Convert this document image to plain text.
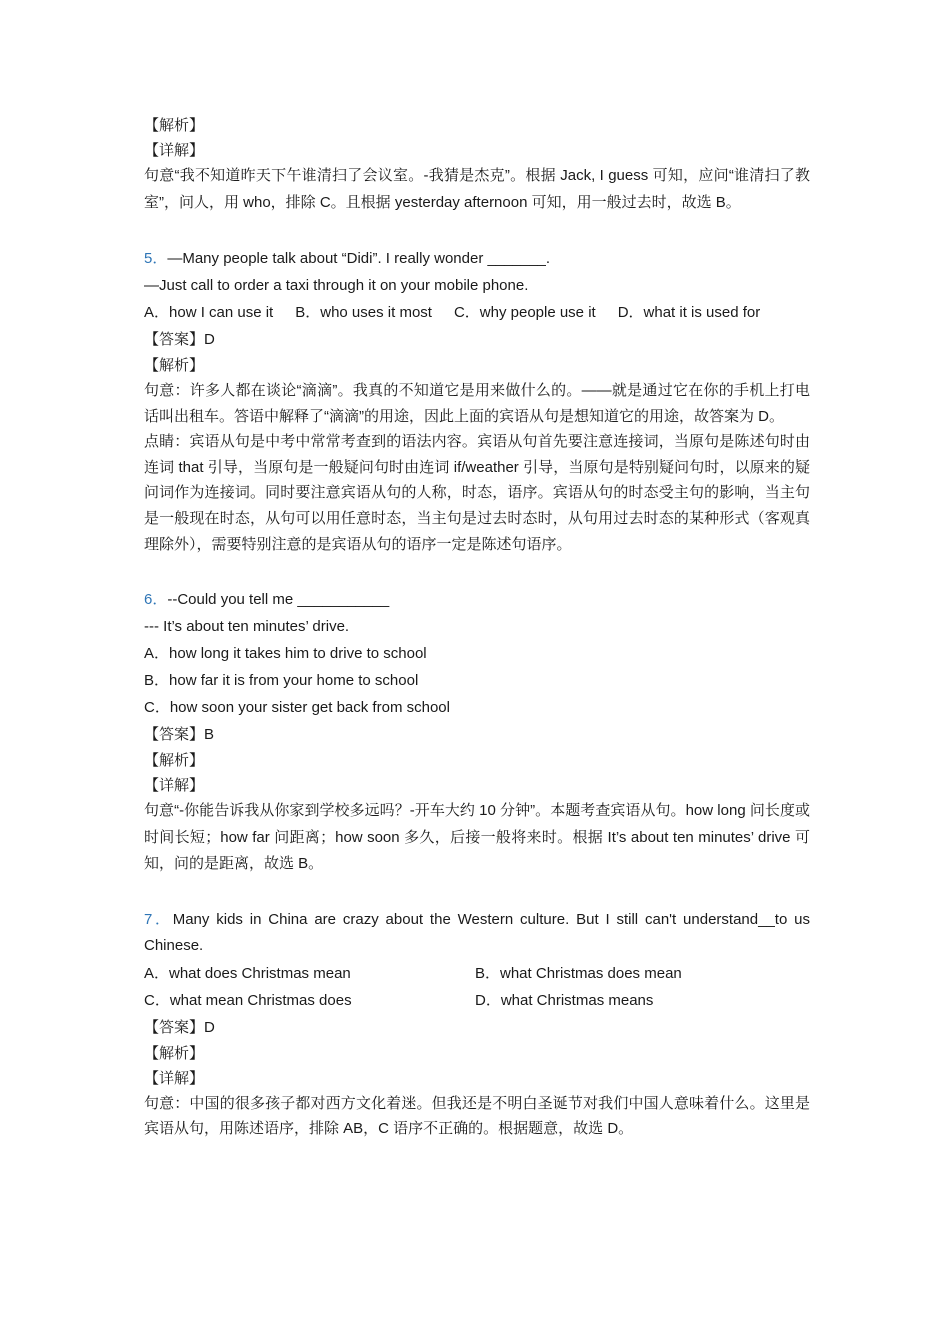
【解析】
【详解】
句意“我不知道昨天下午谁清扫了会议室。-我猜是杰克”。根据 Jack, I guess 可知，应问“谁清扫了教室”，问人，用 who，排除 C。且根据 yesterday afternoon 可知，用一般过去时，故选 B。
5．—Many people talk about “Didi”. I really wonder _______.
—Just call to order a taxi through it on your mobile phone.
A．how I can use it B．who uses it most C．why people use it D．what it is used for
【答案】D
【解析】
句意：许多人都在谈论“滴滴”。我真的不知道它是用来做什么的。——就是通过它在你的手机上打电话叫出租车。答语中解释了“滴滴”的用途，因此上面的宾语从句是想知道它的用途，故答案为 D。
点睛：宾语从句是中考中常常考查到的语法内容。宾语从句首先要注意连接词，当原句是陈述句时由连词 that 引导，当原句是一般疑问句时由连词 if/weather 引导，当原句是特别疑问句时，以原来的疑问词作为连接词。同时要注意宾语从句的人称，时态，语序。宾语从句的时态受主句的影响，当主句是一般现在时态，从句可以用任意时态，当主句是过去时态时，从句用过去时态的某种形式（客观真理除外），需要特别注意的是宾语从句的语序一定是陈述句语序。
6．--Could you tell me ___________
--- It’s about ten minutes’ drive.
A．how long it takes him to drive to school
B．how far it is from your home to school
C．how soon your sister get back from school
【答案】B
【解析】
【详解】
句意“-你能告诉我从你家到学校多远吗？-开车大约 10 分钟”。本题考查宾语从句。how long 问长度或时间长短；how far 问距离；how soon 多久，后接一般将来时。根据 It’s about ten minutes’ drive 可知，问的是距离，故选 B。
7．Many kids in China are crazy about the Western culture. But I still can't understand__to us Chinese.
A．what does Christmas mean	B．what Christmas does mean
C．what mean Christmas does	D．what Christmas means
【答案】D
【解析】
【详解】
句意：中国的很多孩子都对西方文化着迷。但我还是不明白圣诞节对我们中国人意味着什么。这里是宾语从句，用陈述语序，排除 AB，C 语序不正确的。根据题意，故选 D。
